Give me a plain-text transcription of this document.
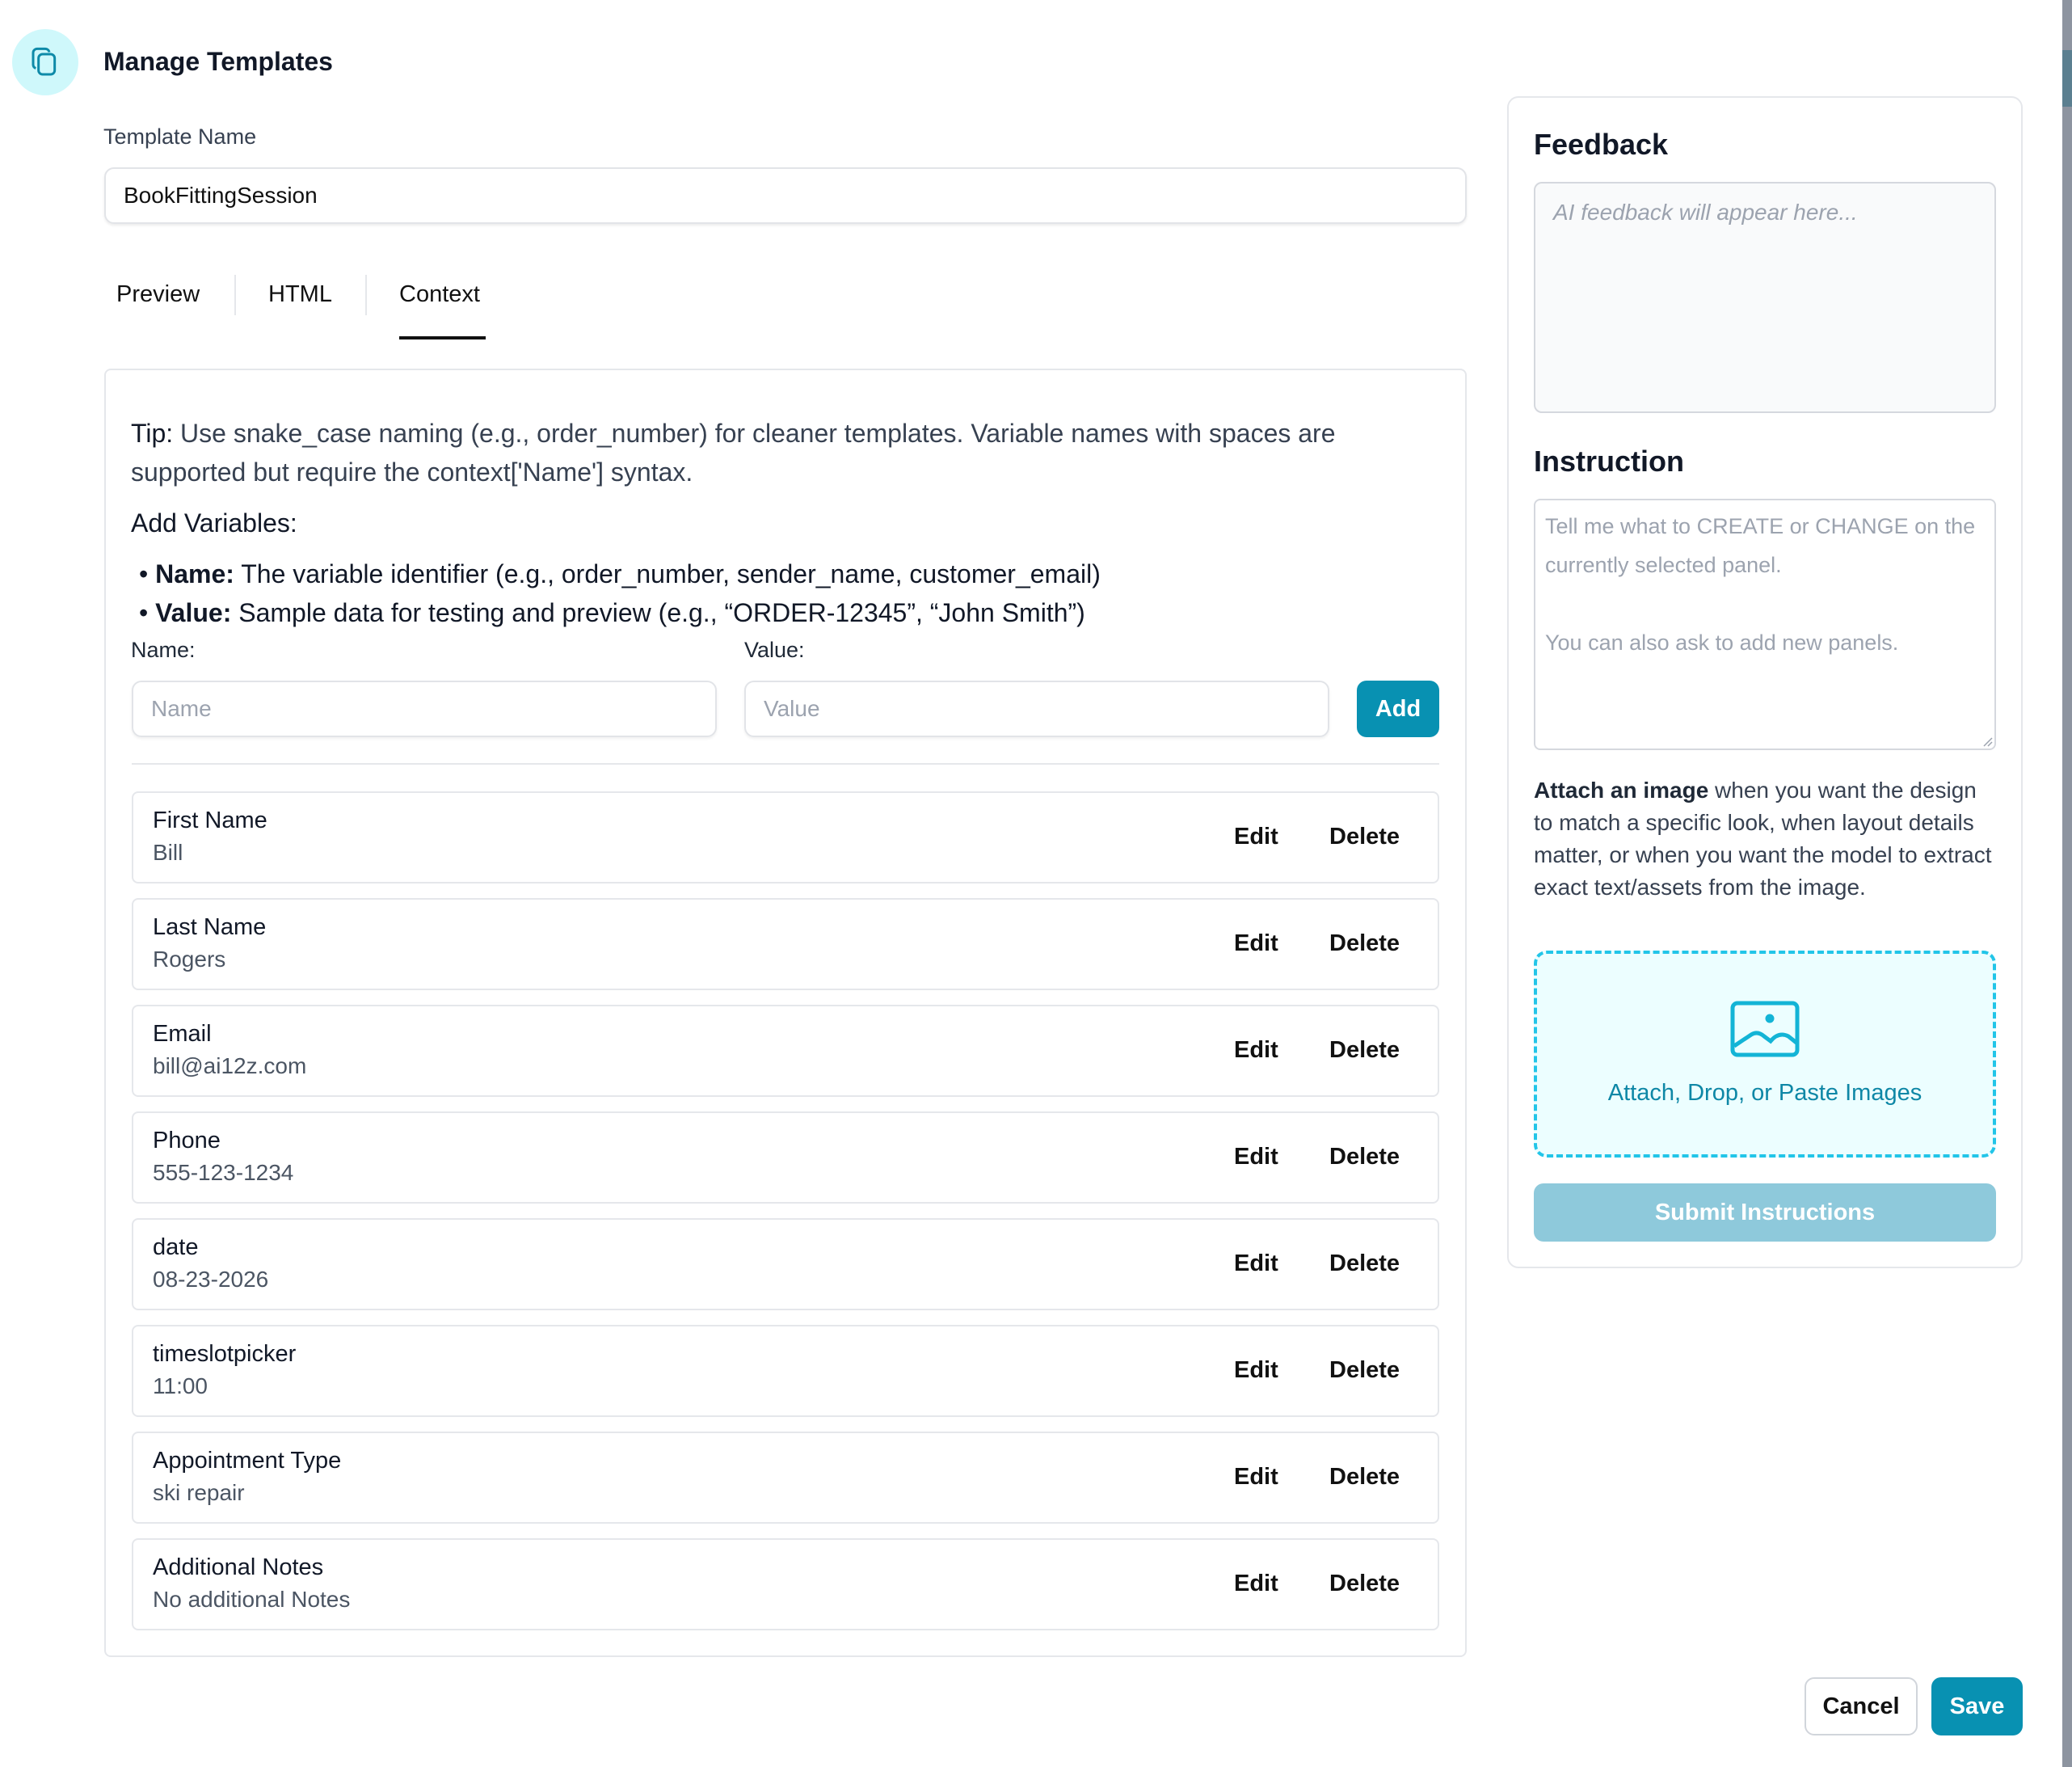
Manage Templates
Template Name
BookFittingSession
Preview	HTML	Context
Tip: Use snake_case naming (e.g., order_number) for cleaner templates. Variable names with spaces are supported but require the context['Name'] syntax.
Add Variables:
• Name: The variable identifier (e.g., order_number, sender_name, customer_email)
• Value: Sample data for testing and preview (e.g., “ORDER-12345”, “John Smith”)
Name:	Value:
Name	Value	Add
First Name
Bill
Edit Delete
Last Name
Rogers
Edit Delete
Email
bill@ai12z.com
Edit Delete
Phone
555-123-1234
Edit Delete
date
08-23-2026
Edit Delete
timeslotpicker
11:00
Edit Delete
Appointment Type
ski repair
Edit Delete
Additional Notes
No additional Notes
Edit Delete
Feedback
AI feedback will appear here...
Instruction
Tell me what to CREATE or CHANGE on the currently selected panel.

You can also ask to add new panels.

Attach an image when you want the design to match a specific look, when layout details matter, or when you want the model to extract exact text/assets from the image.
Attach, Drop, or Paste Images
Submit Instructions
Cancel	Save
